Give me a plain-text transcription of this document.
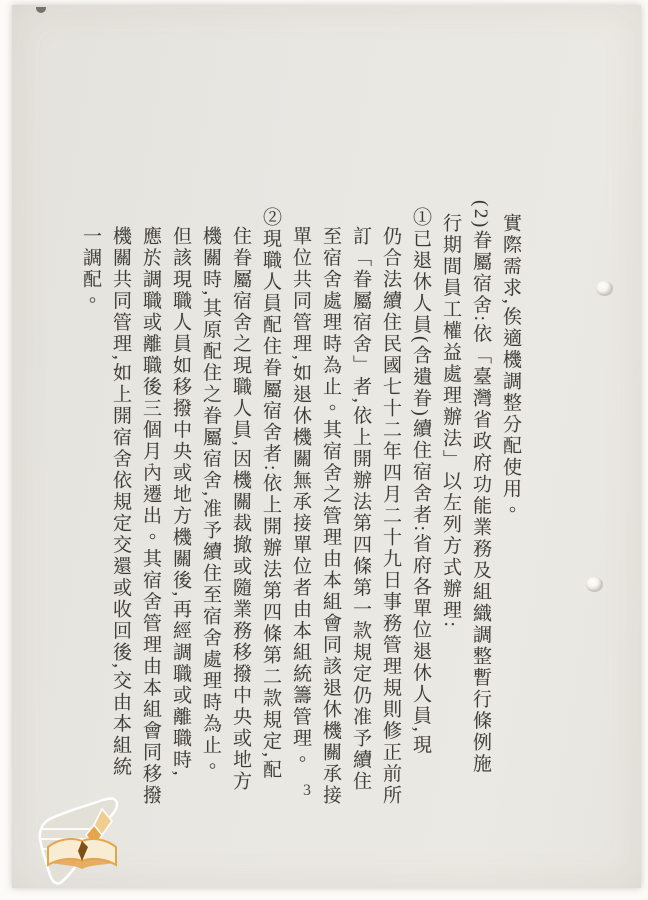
實際需求,俟適機調整分配使用。
(2)眷屬宿舍:依「臺灣省政府功能業務及組織調整暫行條例施
行期間員工權益處理辦法」以左列方式辦理:
①已退休人員(含遺眷)續住宿舍者:省府各單位退休人員,現
仍合法續住民國七十二年四月二十九日事務管理規則修正前所
訂「眷屬宿舍」者,依上開辦法第四條第一款規定仍准予續住
至宿舍處理時為止。其宿舍之管理由本組會同該退休機關承接
單位共同管理,如退休機關無承接單位者由本組統籌管理。
②現職人員配住眷屬宿舍者:依上開辦法第四條第二款規定,配
住眷屬宿舍之現職人員,因機關裁撤或隨業務移撥中央或地方
機關時,其原配住之眷屬宿舍,准予續住至宿舍處理時為止。
但該現職人員如移撥中央或地方機關後,再經調職或離職時,
應於調職或離職後三個月內遷出。其宿舍管理由本組會同移撥
機關共同管理,如上開宿舍依規定交還或收回後,交由本組統
一調配。
3
